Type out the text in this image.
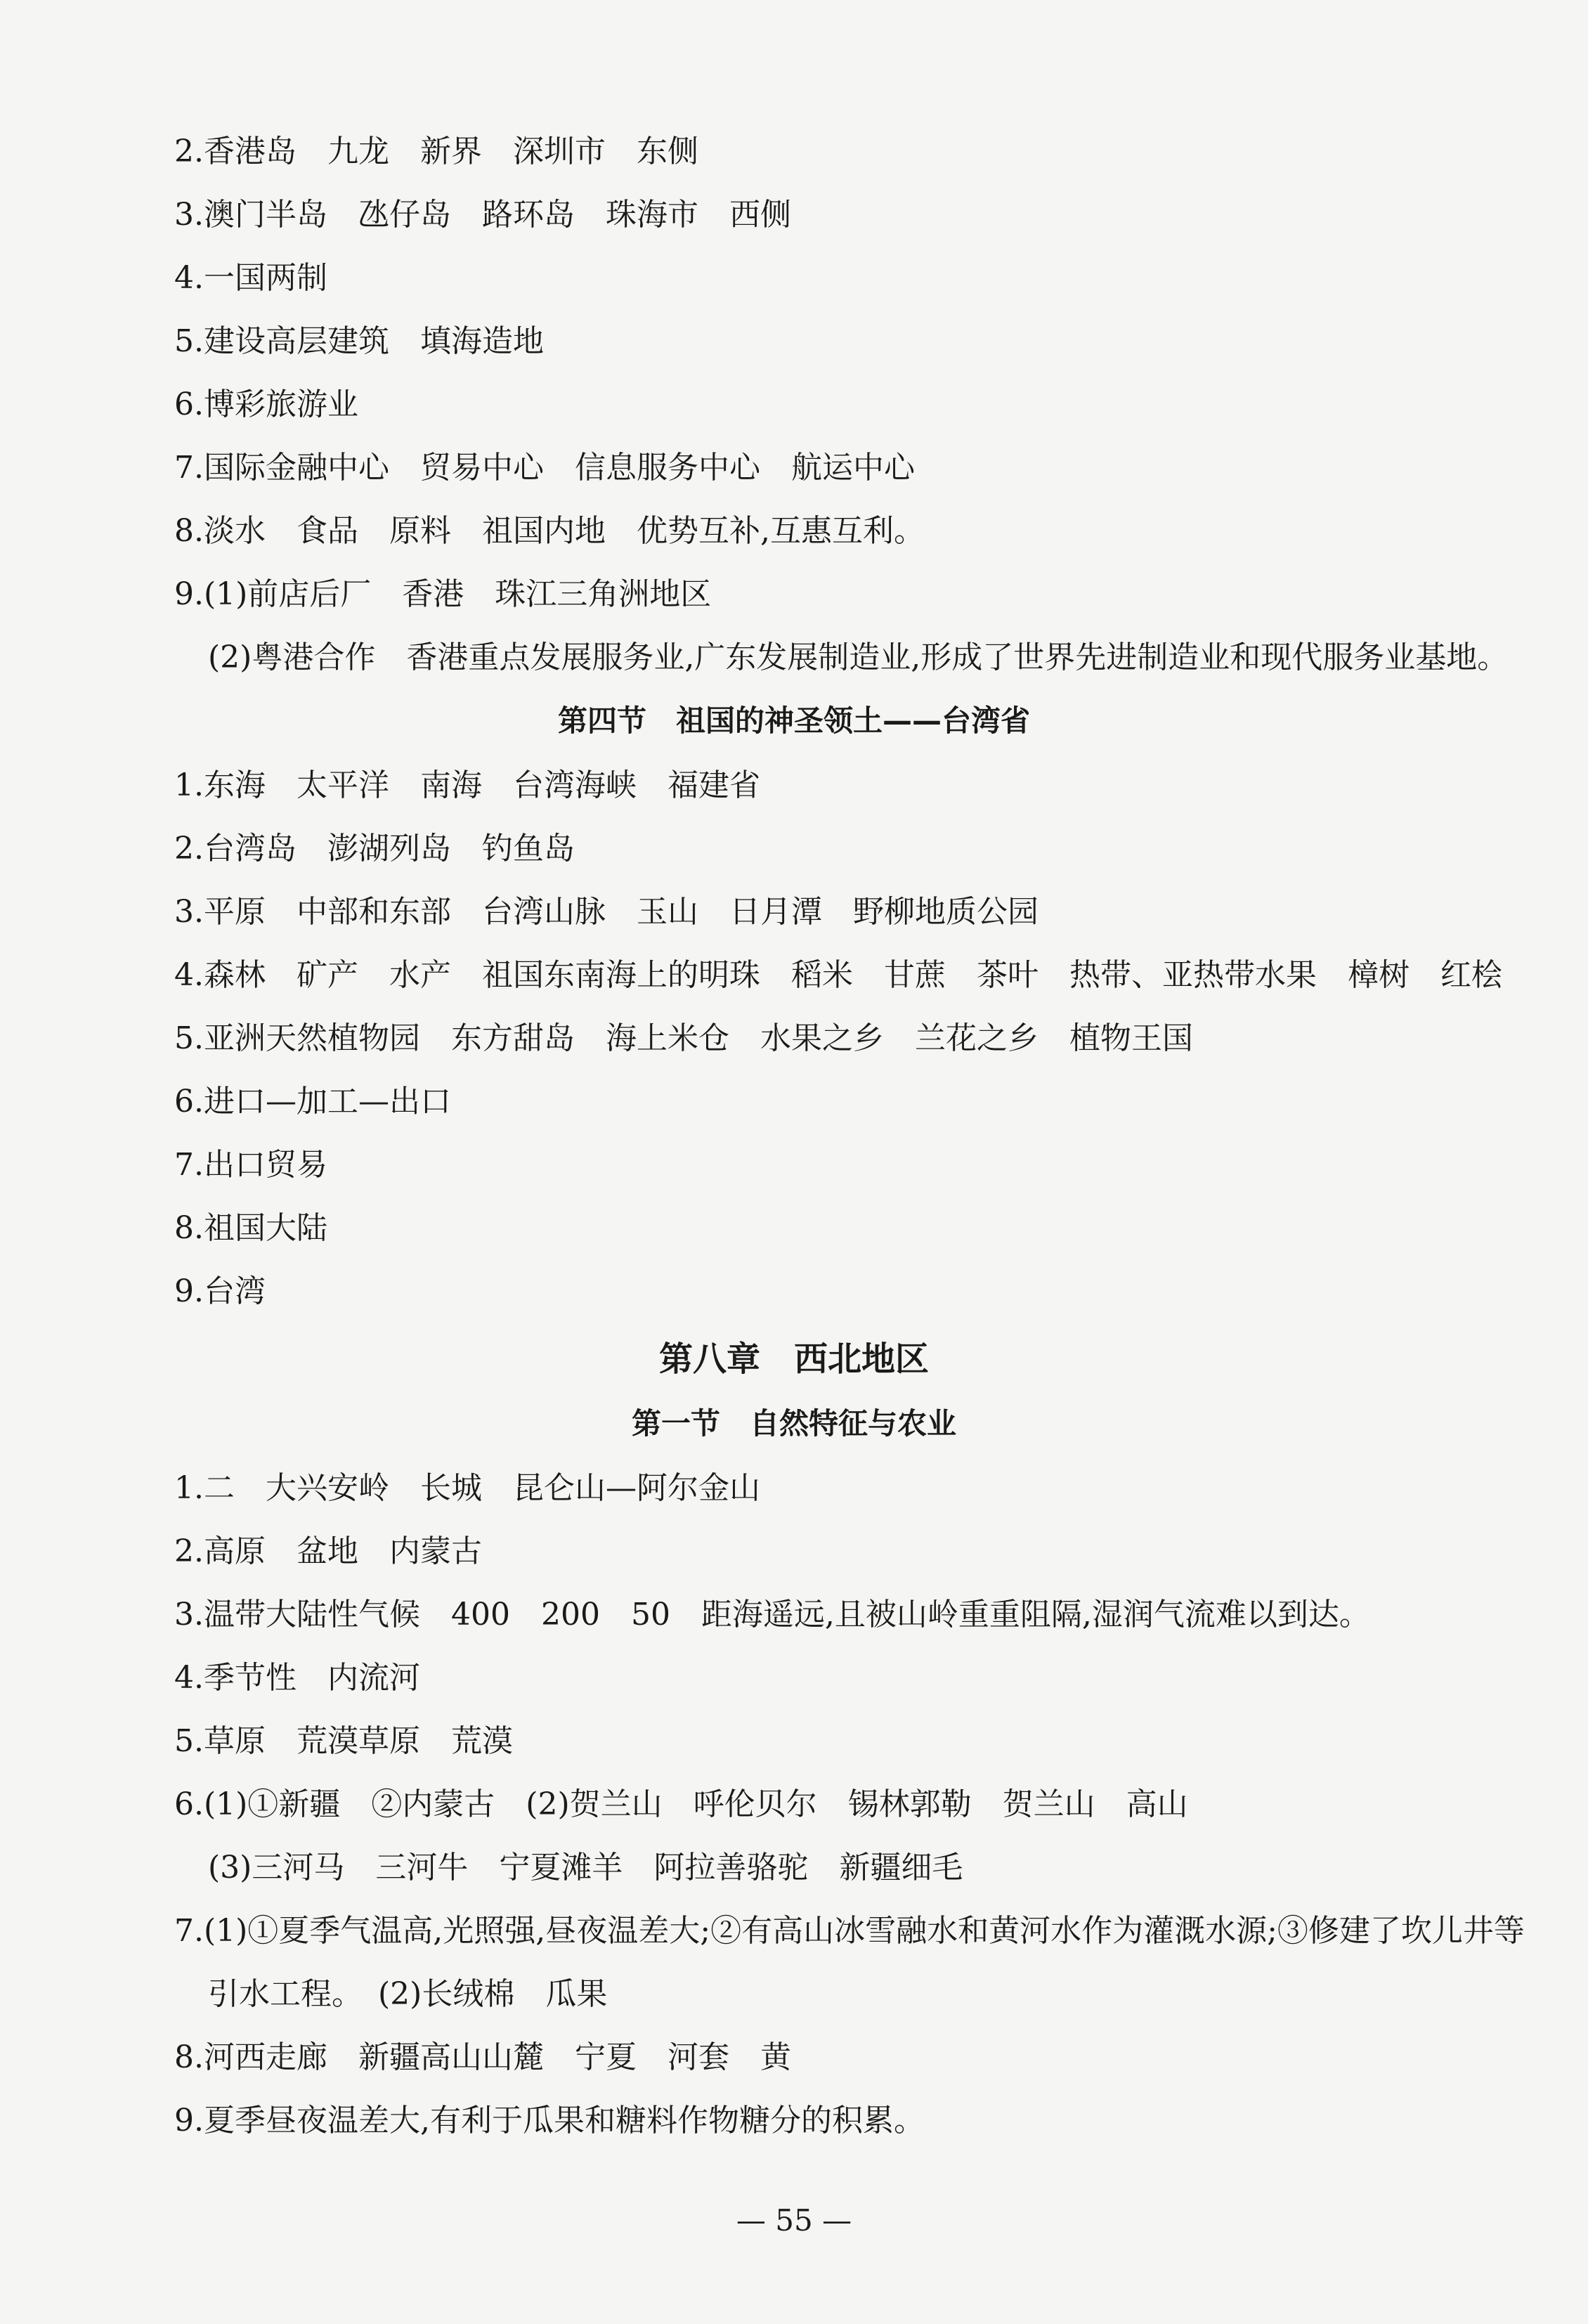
2.香港岛　九龙　新界　深圳市　东侧
3.澳门半岛　氹仔岛　路环岛　珠海市　西侧
4.一国两制
5.建设高层建筑　填海造地
6.博彩旅游业
7.国际金融中心　贸易中心　信息服务中心　航运中心
8.淡水　食品　原料　祖国内地　优势互补,互惠互利。
9.(1)前店后厂　香港　珠江三角洲地区
(2)粤港合作　香港重点发展服务业,广东发展制造业,形成了世界先进制造业和现代服务业基地。
第四节　祖国的神圣领土——台湾省
1.东海　太平洋　南海　台湾海峡　福建省
2.台湾岛　澎湖列岛　钓鱼岛
3.平原　中部和东部　台湾山脉　玉山　日月潭　野柳地质公园
4.森林　矿产　水产　祖国东南海上的明珠　稻米　甘蔗　茶叶　热带、亚热带水果　樟树　红桧
5.亚洲天然植物园　东方甜岛　海上米仓　水果之乡　兰花之乡　植物王国
6.进口—加工—出口
7.出口贸易
8.祖国大陆
9.台湾
第八章　西北地区
第一节　自然特征与农业
1.二　大兴安岭　长城　昆仑山—阿尔金山
2.高原　盆地　内蒙古
3.温带大陆性气候　400　200　50　距海遥远,且被山岭重重阻隔,湿润气流难以到达。
4.季节性　内流河
5.草原　荒漠草原　荒漠
6.(1)①新疆　②内蒙古　(2)贺兰山　呼伦贝尔　锡林郭勒　贺兰山　高山
(3)三河马　三河牛　宁夏滩羊　阿拉善骆驼　新疆细毛
7.(1)①夏季气温高,光照强,昼夜温差大;②有高山冰雪融水和黄河水作为灌溉水源;③修建了坎儿井等
引水工程。　(2)长绒棉　瓜果
8.河西走廊　新疆高山山麓　宁夏　河套　黄
9.夏季昼夜温差大,有利于瓜果和糖料作物糖分的积累。
— 55 —
